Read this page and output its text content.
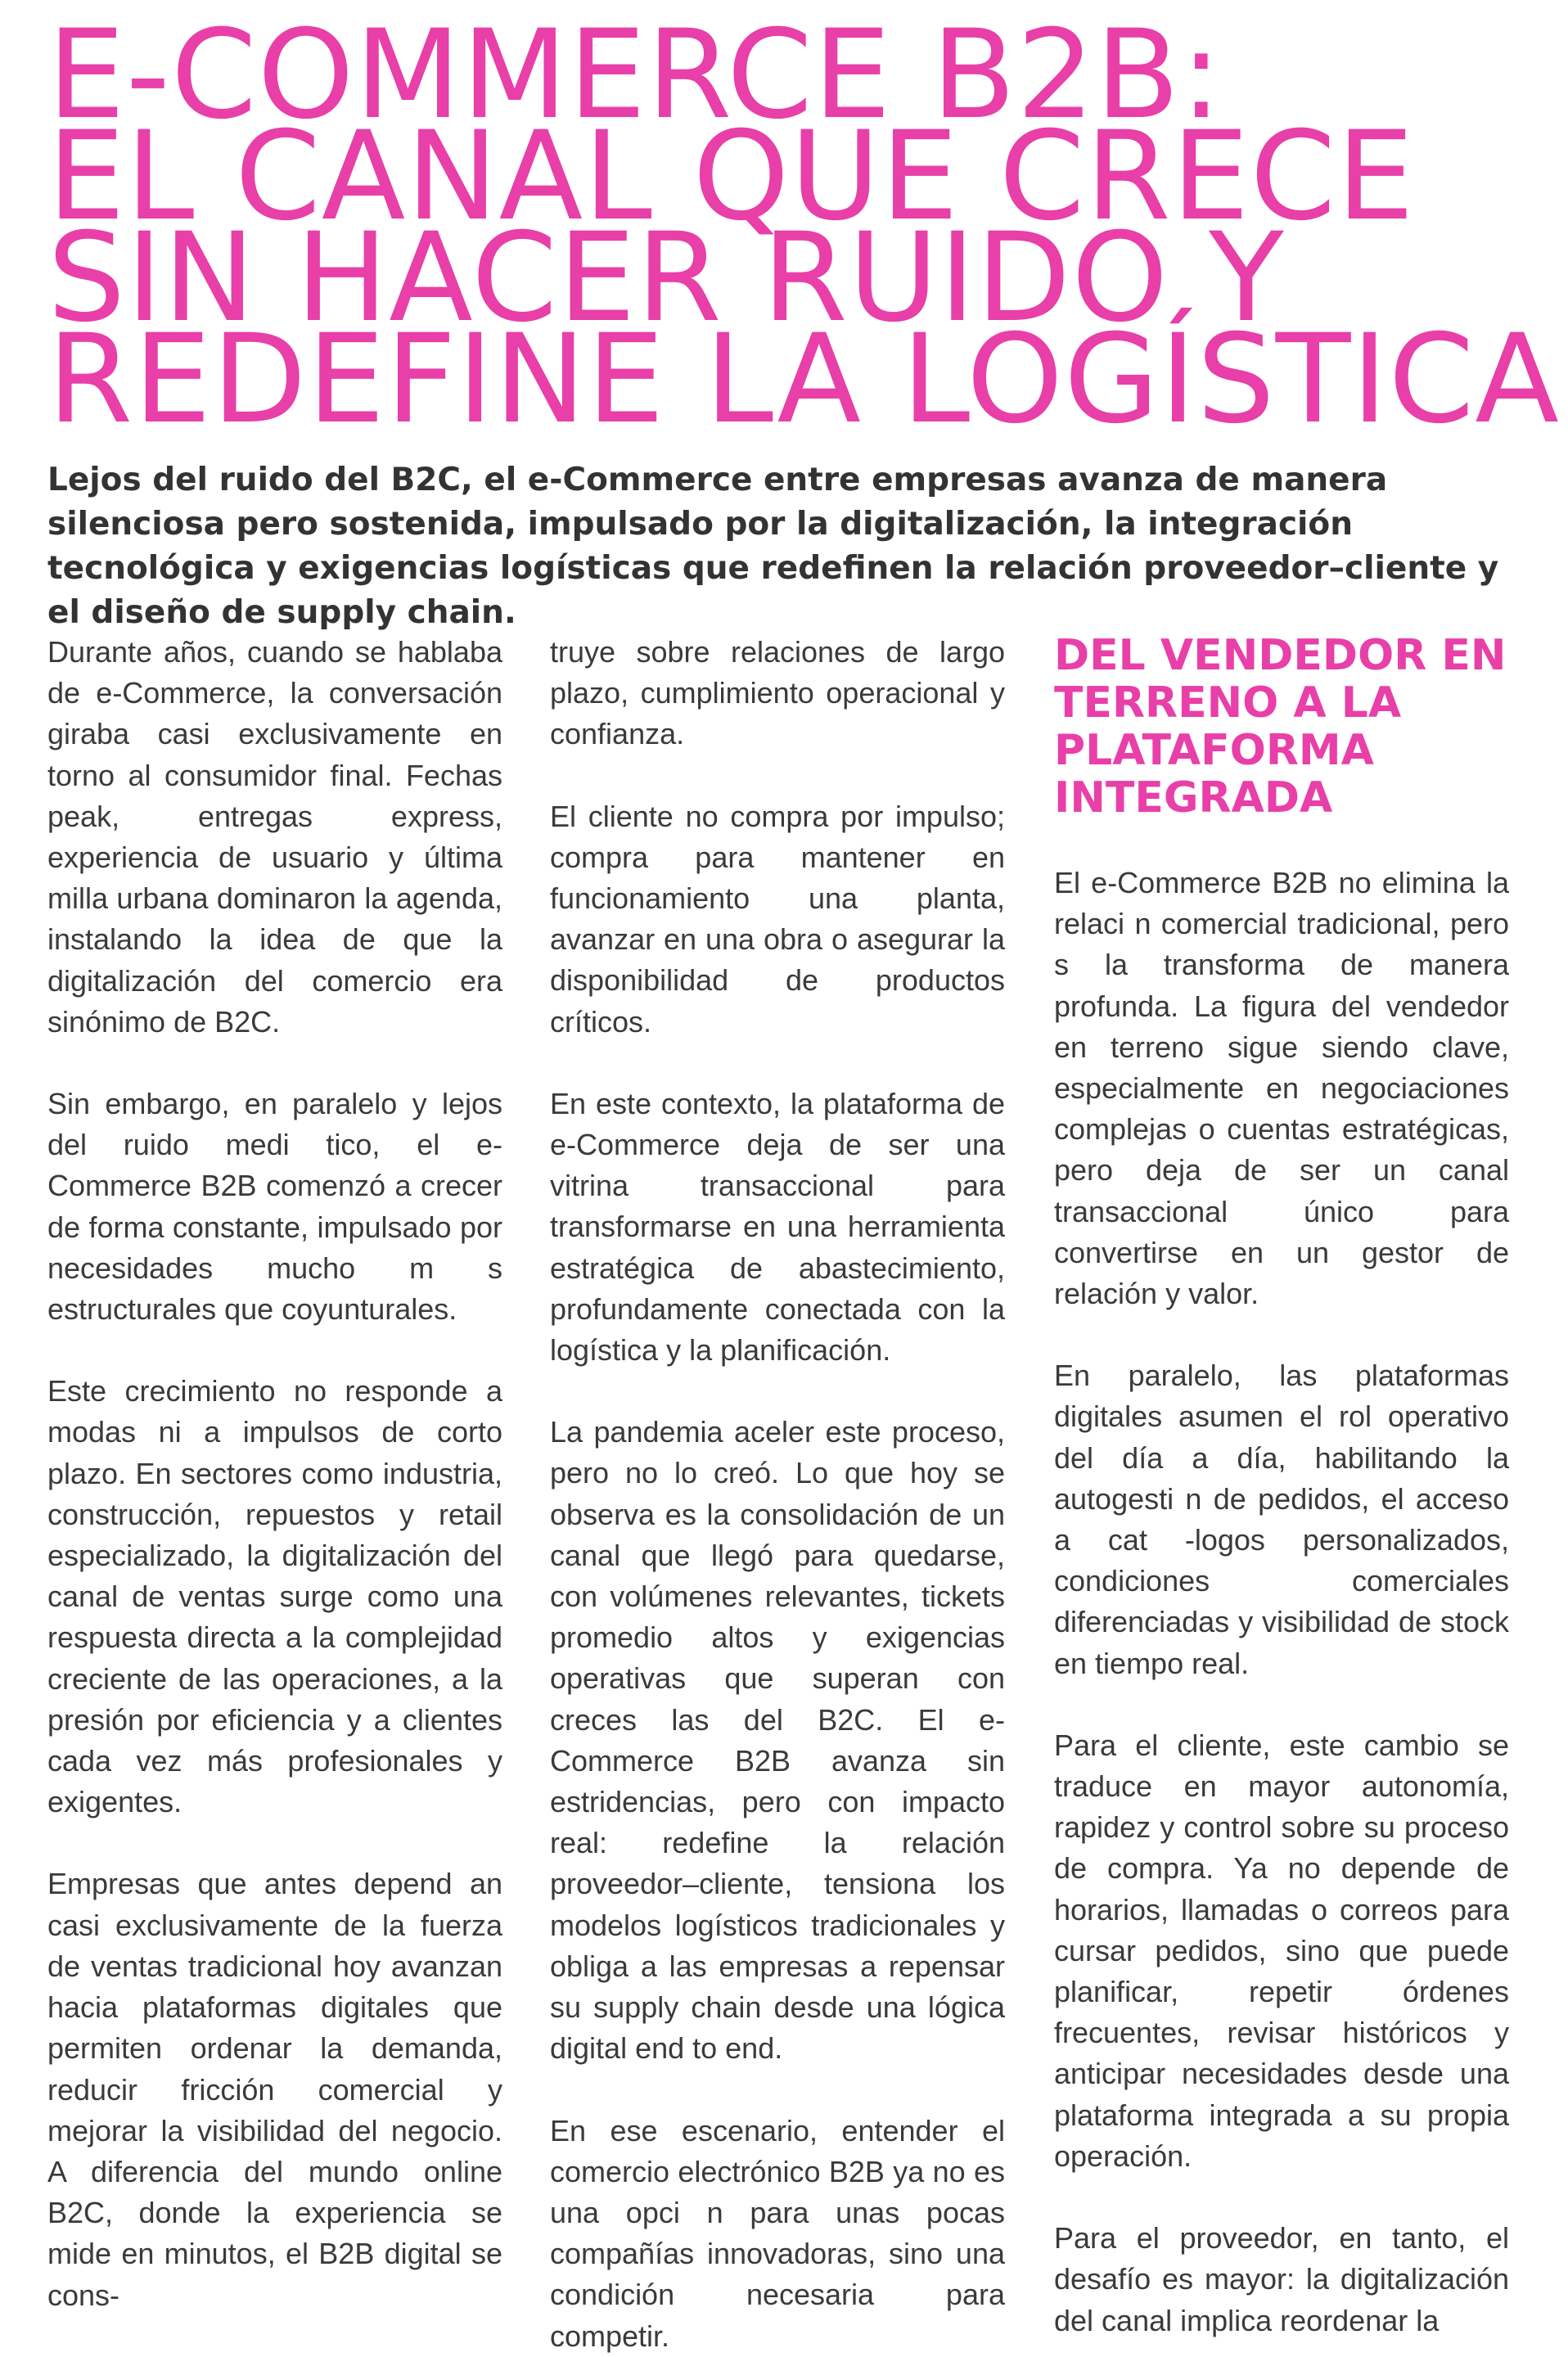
E-COMMERCE B2B:
EL CANAL QUE CRECE
SIN HACER RUIDO Y
REDEFINE LA LOGÍSTICA

Lejos del ruido del B2C, el e-Commerce entre empresas avanza de manera silenciosa pero sostenida, impulsado por la digitalización, la integración tecnológica y exigencias logísticas que redefinen la relación proveedor–cliente y el diseño de supply chain.

Durante años, cuando se hablaba de e-Commerce, la conversación giraba casi exclusivamente en torno al consumidor final. Fechas peak, entregas express, experiencia de usuario y última milla urbana dominaron la agenda, instalando la idea de que la digitalización del comercio era sinónimo de B2C.

Sin embargo, en paralelo y lejos del ruido medi tico, el e-Commerce B2B comenzó a crecer de forma constante, impulsado por necesidades mucho m s estructurales que coyunturales.

Este crecimiento no responde a modas ni a impulsos de corto plazo. En sectores como industria, construcción, repuestos y retail especializado, la digitalización del canal de ventas surge como una respuesta directa a la complejidad creciente de las operaciones, a la presión por eficiencia y a clientes cada vez más profesionales y exigentes.

Empresas que antes depend an casi exclusivamente de la fuerza de ventas tradicional hoy avanzan hacia plataformas digitales que permiten ordenar la demanda, reducir fricción comercial y mejorar la visibilidad del negocio. A diferencia del mundo online B2C, donde la experiencia se mide en minutos, el B2B digital se cons-

truye sobre relaciones de largo plazo, cumplimiento operacional y confianza.

El cliente no compra por impulso; compra para mantener en funcionamiento una planta, avanzar en una obra o asegurar la disponibilidad de productos críticos.

En este contexto, la plataforma de e-Commerce deja de ser una vitrina transaccional para transformarse en una herramienta estratégica de abastecimiento, profundamente conectada con la logística y la planificación.

La pandemia aceler este proceso, pero no lo creó. Lo que hoy se observa es la consolidación de un canal que llegó para quedarse, con volúmenes relevantes, tickets promedio altos y exigencias operativas que superan con creces las del B2C. El e-Commerce B2B avanza sin estridencias, pero con impacto real: redefine la relación proveedor–cliente, tensiona los modelos logísticos tradicionales y obliga a las empresas a repensar su supply chain desde una lógica digital end to end.

En ese escenario, entender el comercio electrónico B2B ya no es una opci n para unas pocas compañías innovadoras, sino una condición necesaria para competir.

DEL VENDEDOR EN TERRENO A LA PLATAFORMA INTEGRADA

El e-Commerce B2B no elimina la relaci n comercial tradicional, pero s la transforma de manera profunda. La figura del vendedor en terreno sigue siendo clave, especialmente en negociaciones complejas o cuentas estratégicas, pero deja de ser un canal transaccional único para convertirse en un gestor de relación y valor.

En paralelo, las plataformas digitales asumen el rol operativo del día a día, habilitando la autogesti n de pedidos, el acceso a cat -logos personalizados, condiciones comerciales diferenciadas y visibilidad de stock en tiempo real.

Para el cliente, este cambio se traduce en mayor autonomía, rapidez y control sobre su proceso de compra. Ya no depende de horarios, llamadas o correos para cursar pedidos, sino que puede planificar, repetir órdenes frecuentes, revisar históricos y anticipar necesidades desde una plataforma integrada a su propia operación.

Para el proveedor, en tanto, el desafío es mayor: la digitalización del canal implica reordenar la
